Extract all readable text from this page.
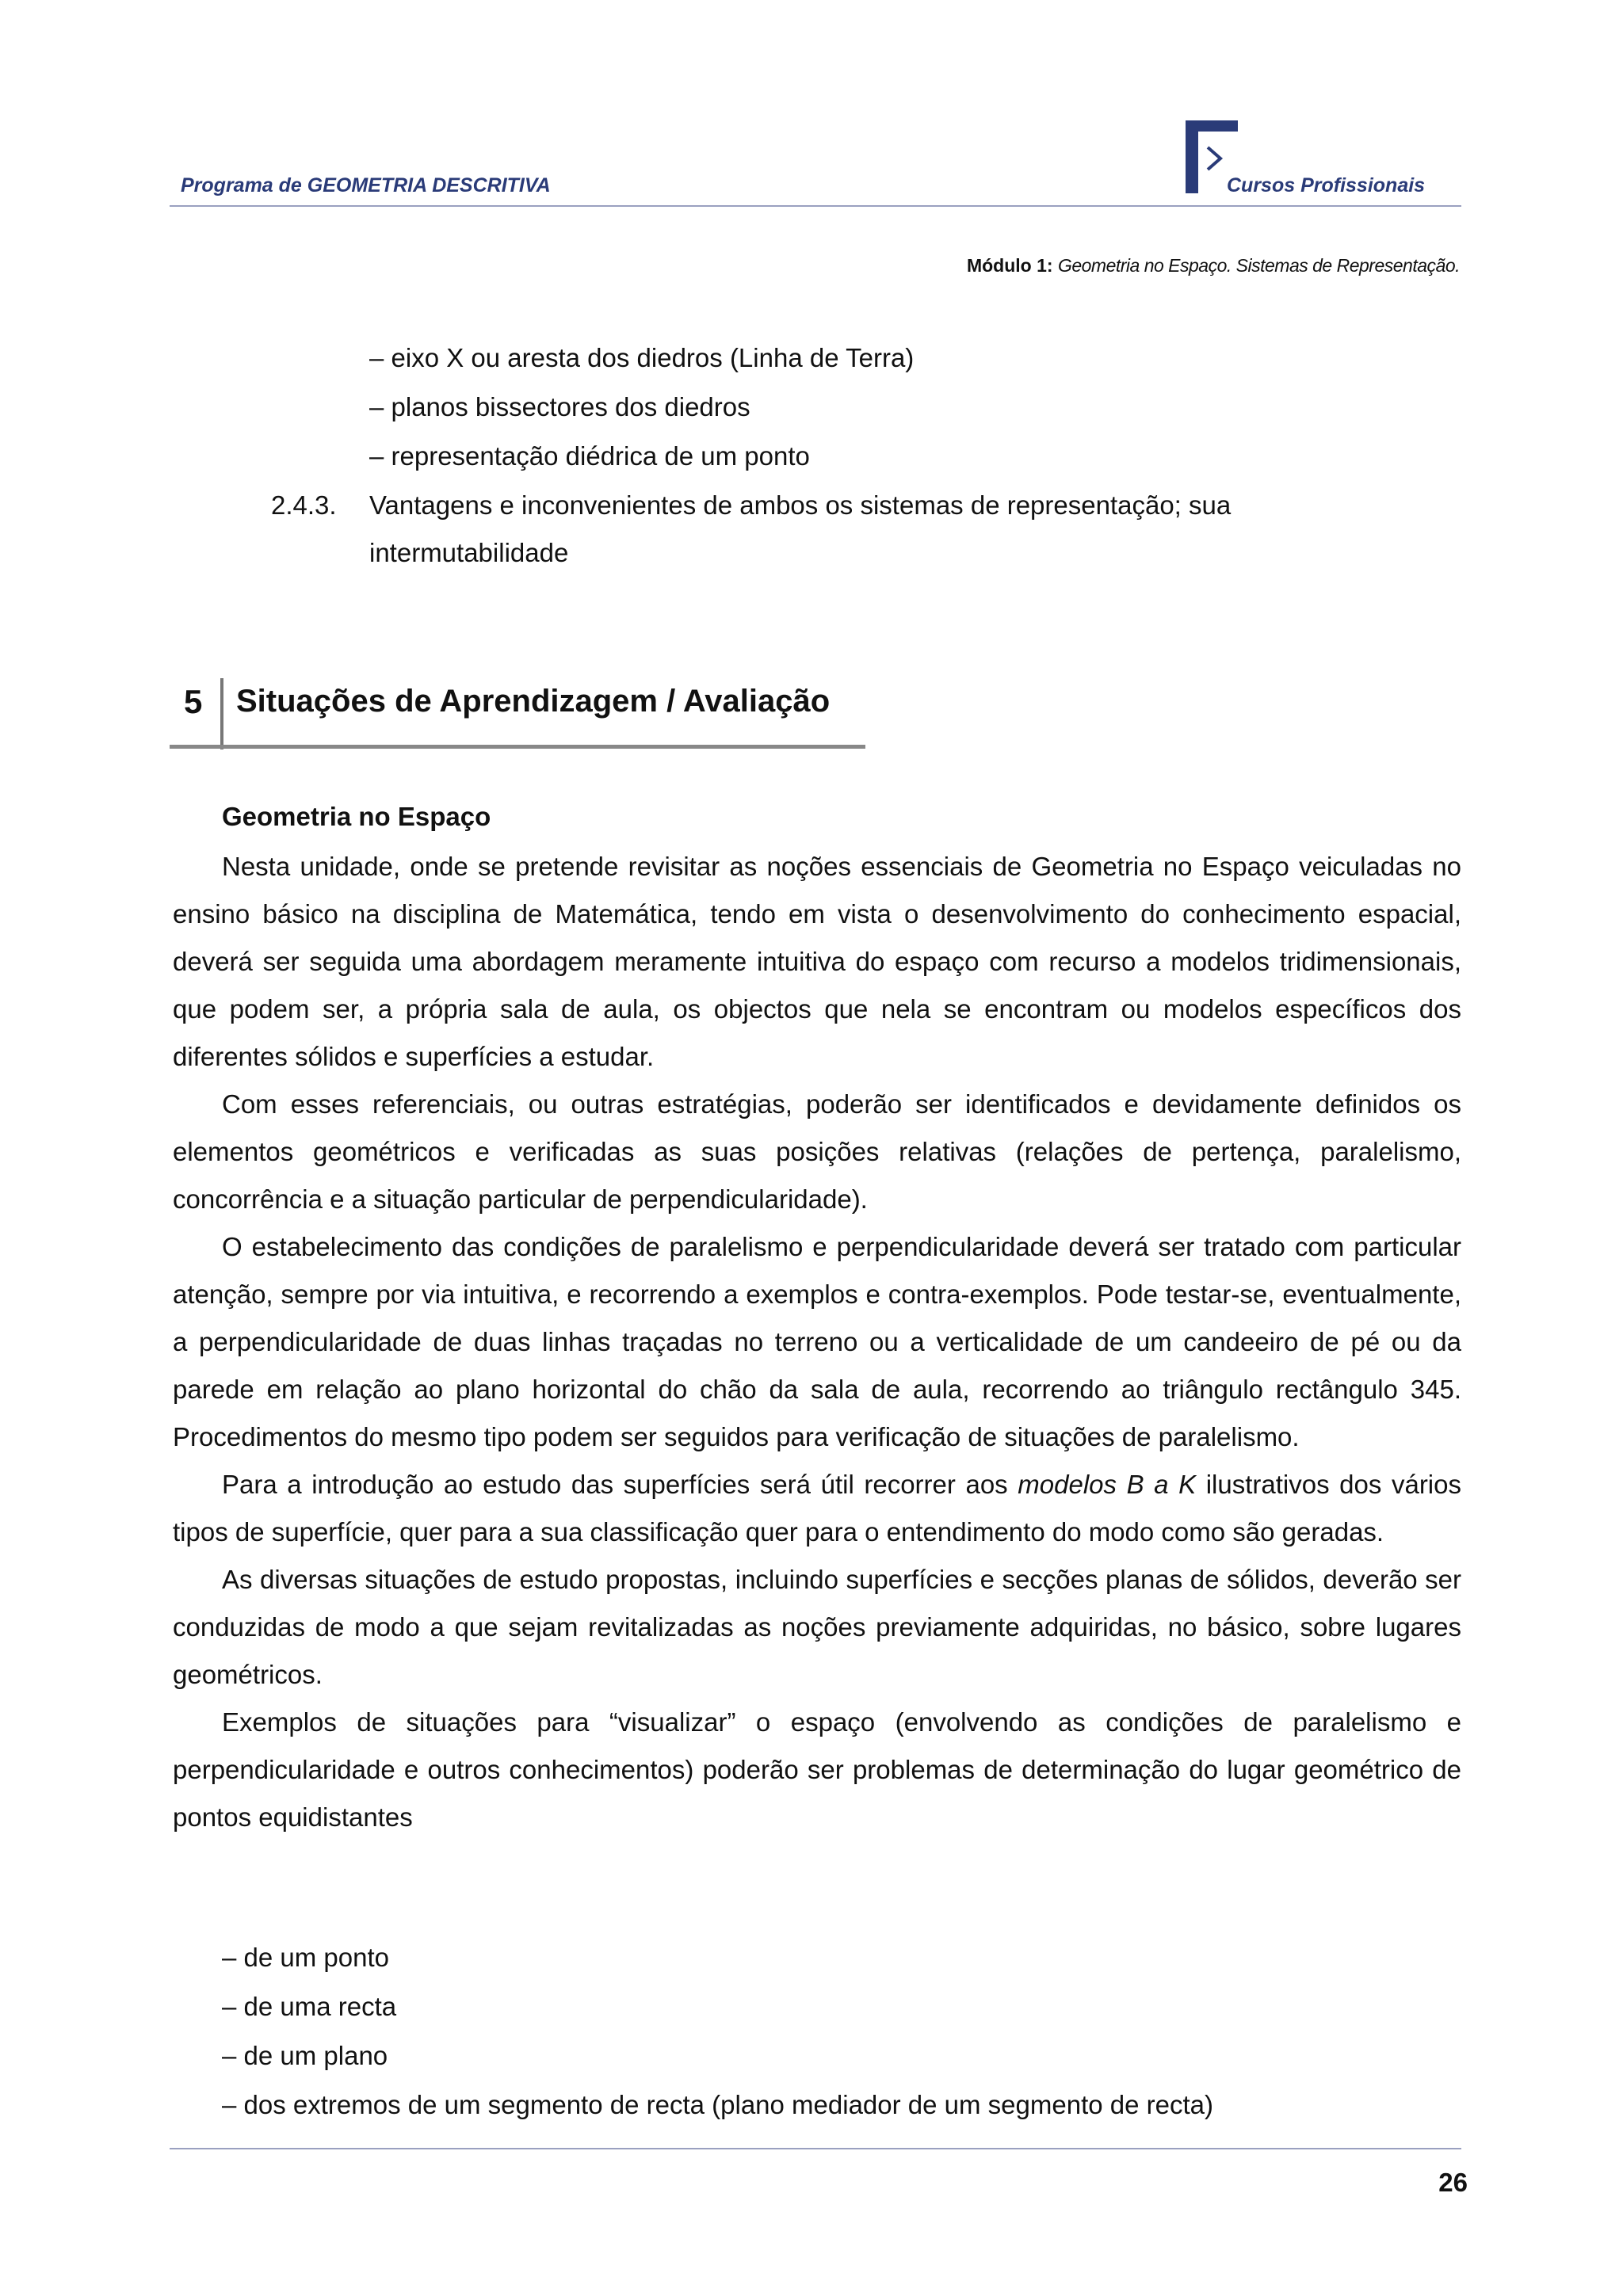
Programa de GEOMETRIA DESCRITIVA	Cursos Profissionais
Módulo 1: Geometria no Espaço. Sistemas de Representação.
– eixo X ou aresta dos diedros (Linha de Terra)
– planos bissectores dos diedros
– representação diédrica de um ponto
2.4.3. Vantagens e inconvenientes de ambos os sistemas de representação; sua
intermutabilidade
5 Situações de Aprendizagem / Avaliação
Geometria no Espaço

Nesta unidade, onde se pretende revisitar as noções essenciais de Geometria no Espaço veiculadas no ensino básico na disciplina de Matemática, tendo em vista o desenvolvimento do conhecimento espacial, deverá ser seguida uma abordagem meramente intuitiva do espaço com recurso a modelos tridimensionais, que podem ser, a própria sala de aula, os objectos que nela se encontram ou modelos específicos dos diferentes sólidos e superfícies a estudar.

Com esses referenciais, ou outras estratégias, poderão ser identificados e devidamente definidos os elementos geométricos e verificadas as suas posições relativas (relações de pertença, paralelismo, concorrência e a situação particular de perpendicularidade).

O estabelecimento das condições de paralelismo e perpendicularidade deverá ser tratado com particular atenção, sempre por via intuitiva, e recorrendo a exemplos e contra-exemplos. Pode testar-se, eventualmente, a perpendicularidade de duas linhas traçadas no terreno ou a verticalidade de um candeeiro de pé ou da parede em relação ao plano horizontal do chão da sala de aula, recorrendo ao triângulo rectângulo 345. Procedimentos do mesmo tipo podem ser seguidos para verificação de situações de paralelismo.

Para a introdução ao estudo das superfícies será útil recorrer aos modelos B a K ilustrativos dos vários tipos de superfície, quer para a sua classificação quer para o entendimento do modo como são geradas.

As diversas situações de estudo propostas, incluindo superfícies e secções planas de sólidos, deverão ser conduzidas de modo a que sejam revitalizadas as noções previamente adquiridas, no básico, sobre lugares geométricos.

Exemplos de situações para “visualizar” o espaço (envolvendo as condições de paralelismo e perpendicularidade e outros conhecimentos) poderão ser problemas de determinação do lugar geométrico de pontos equidistantes

– de um ponto
– de uma recta
– de um plano
– dos extremos de um segmento de recta (plano mediador de um segmento de recta)
26
